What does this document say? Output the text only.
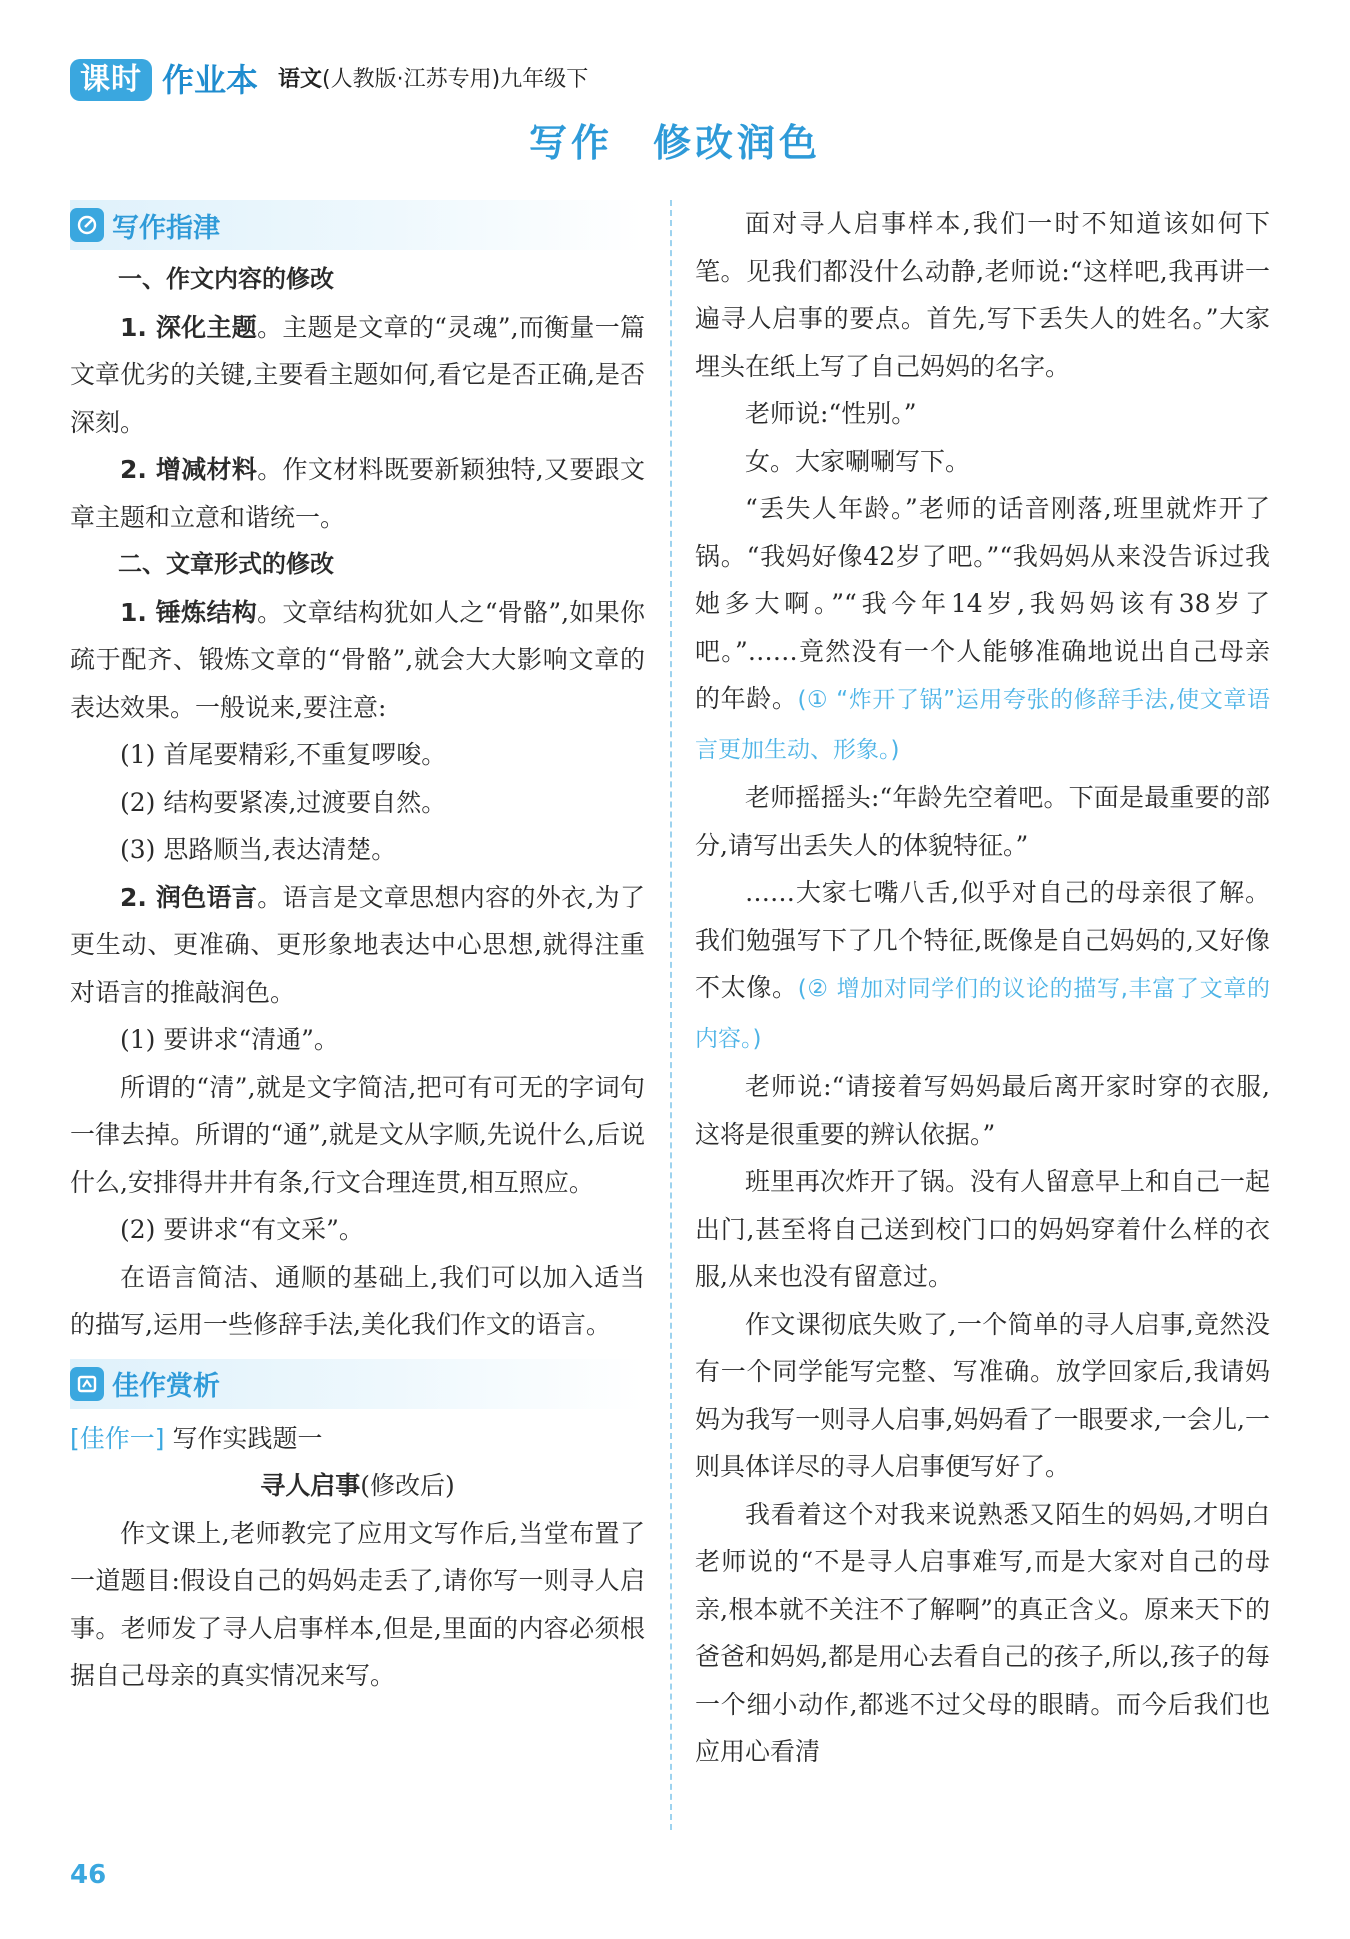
课时 作业本 语文(人教版·江苏专用)九年级下
写作 修改润色
写作指津

一、作文内容的修改

1. 深化主题。主题是文章的“灵魂”,而衡量一篇文章优劣的关键,主要看主题如何,看它是否正确,是否深刻。

2. 增减材料。作文材料既要新颖独特,又要跟文章主题和立意和谐统一。

二、文章形式的修改

1. 锤炼结构。文章结构犹如人之“骨骼”,如果你疏于配齐、锻炼文章的“骨骼”,就会大大影响文章的表达效果。一般说来,要注意:

(1) 首尾要精彩,不重复啰唆。

(2) 结构要紧凑,过渡要自然。

(3) 思路顺当,表达清楚。

2. 润色语言。语言是文章思想内容的外衣,为了更生动、更准确、更形象地表达中心思想,就得注重对语言的推敲润色。

(1) 要讲求“清通”。

所谓的“清”,就是文字简洁,把可有可无的字词句一律去掉。所谓的“通”,就是文从字顺,先说什么,后说什么,安排得井井有条,行文合理连贯,相互照应。

(2) 要讲求“有文采”。

在语言简洁、通顺的基础上,我们可以加入适当的描写,运用一些修辞手法,美化我们作文的语言。

佳作赏析

[佳作一] 写作实践题一

寻人启事(修改后)

作文课上,老师教完了应用文写作后,当堂布置了一道题目:假设自己的妈妈走丢了,请你写一则寻人启事。老师发了寻人启事样本,但是,里面的内容必须根据自己母亲的真实情况来写。

面对寻人启事样本,我们一时不知道该如何下笔。见我们都没什么动静,老师说:“这样吧,我再讲一遍寻人启事的要点。首先,写下丢失人的姓名。”大家埋头在纸上写了自己妈妈的名字。

老师说:“性别。”

女。大家唰唰写下。

“丢失人年龄。”老师的话音刚落,班里就炸开了锅。“我妈好像42岁了吧。”“我妈妈从来没告诉过我她多大啊。”“我今年14岁,我妈妈该有38岁了吧。”……竟然没有一个人能够准确地说出自己母亲的年龄。(① “炸开了锅”运用夸张的修辞手法,使文章语言更加生动、形象。)

老师摇摇头:“年龄先空着吧。下面是最重要的部分,请写出丢失人的体貌特征。”

……大家七嘴八舌,似乎对自己的母亲很了解。我们勉强写下了几个特征,既像是自己妈妈的,又好像不太像。(② 增加对同学们的议论的描写,丰富了文章的内容。)

老师说:“请接着写妈妈最后离开家时穿的衣服,这将是很重要的辨认依据。”

班里再次炸开了锅。没有人留意早上和自己一起出门,甚至将自己送到校门口的妈妈穿着什么样的衣服,从来也没有留意过。

作文课彻底失败了,一个简单的寻人启事,竟然没有一个同学能写完整、写准确。放学回家后,我请妈妈为我写一则寻人启事,妈妈看了一眼要求,一会儿,一则具体详尽的寻人启事便写好了。

我看着这个对我来说熟悉又陌生的妈妈,才明白老师说的“不是寻人启事难写,而是大家对自己的母亲,根本就不关注不了解啊”的真正含义。原来天下的爸爸和妈妈,都是用心去看自己的孩子,所以,孩子的每一个细小动作,都逃不过父母的眼睛。而今后我们也应用心看清

46
